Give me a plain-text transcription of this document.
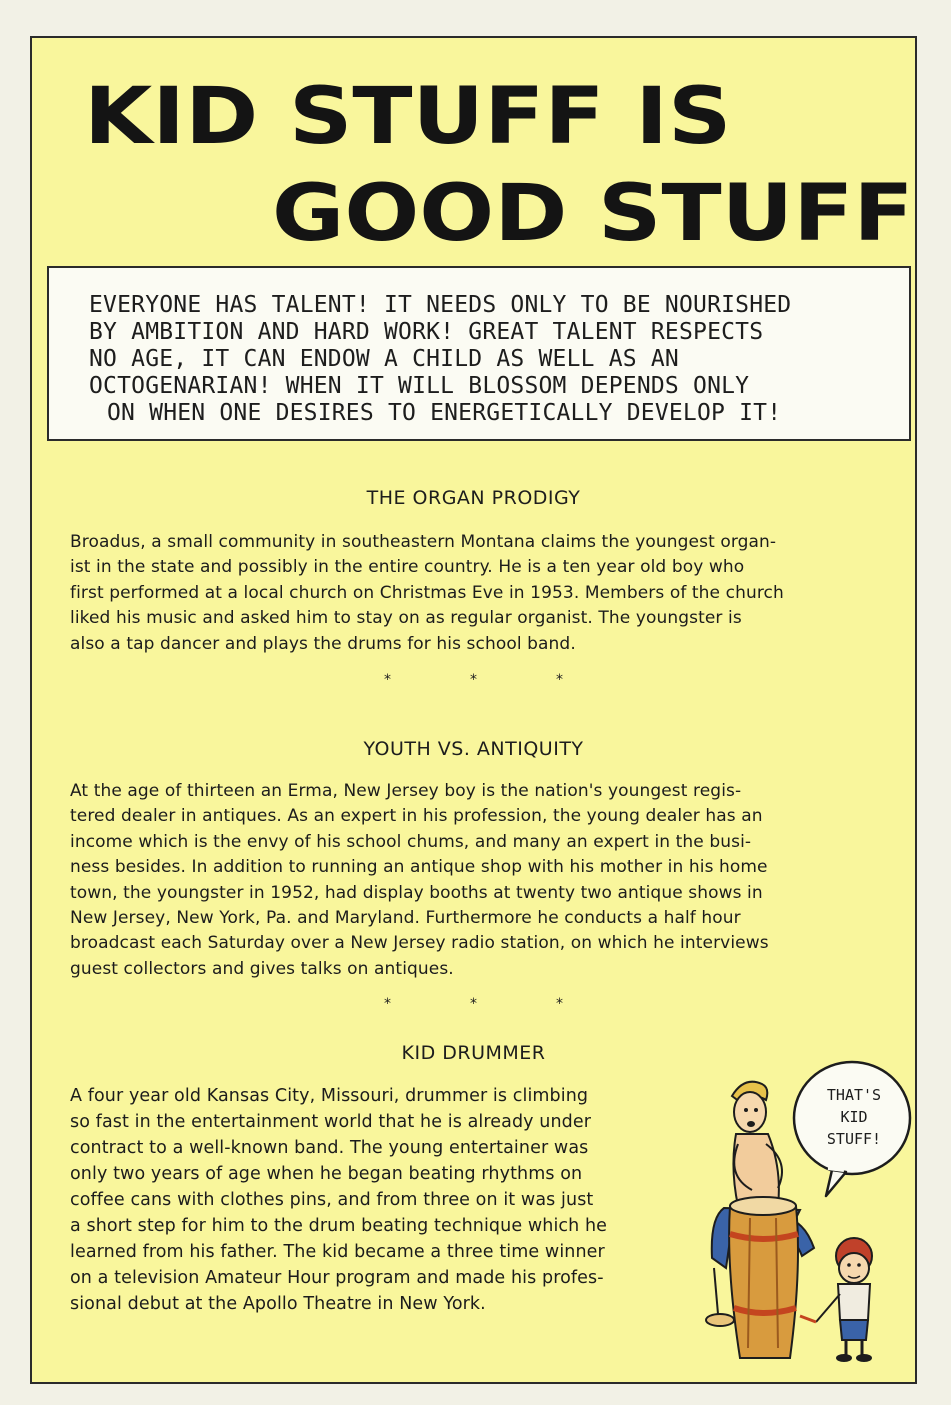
KID STUFF IS
GOOD STUFF
EVERYONE HAS TALENT! IT NEEDS ONLY TO BE NOURISHED
BY AMBITION AND HARD WORK! GREAT TALENT RESPECTS
NO AGE, IT CAN ENDOW A CHILD AS WELL AS AN
OCTOGENARIAN! WHEN IT WILL BLOSSOM DEPENDS ONLY
ON WHEN ONE DESIRES TO ENERGETICALLY DEVELOP IT!
THE ORGAN PRODIGY
Broadus, a small community in southeastern Montana claims the youngest organ-
ist in the state and possibly in the entire country. He is a ten year old boy who
first performed at a local church on Christmas Eve in 1953. Members of the church
liked his music and asked him to stay on as regular organist. The youngster is
also a tap dancer and plays the drums for his school band.
*	*	*
YOUTH VS. ANTIQUITY
At the age of thirteen an Erma, New Jersey boy is the nation's youngest regis-
tered dealer in antiques. As an expert in his profession, the young dealer has an
income which is the envy of his school chums, and many an expert in the busi-
ness besides. In addition to running an antique shop with his mother in his home
town, the youngster in 1952, had display booths at twenty two antique shows in
New Jersey, New York, Pa. and Maryland. Furthermore he conducts a half hour
broadcast each Saturday over a New Jersey radio station, on which he interviews
guest collectors and gives talks on antiques.
*	*	*
KID DRUMMER
A four year old Kansas City, Missouri, drummer is climbing
so fast in the entertainment world that he is already under
contract to a well-known band. The young entertainer was
only two years of age when he began beating rhythms on
coffee cans with clothes pins, and from three on it was just
a short step for him to the drum beating technique which he
learned from his father. The kid became a three time winner
on a television Amateur Hour program and made his profes-
sional debut at the Apollo Theatre in New York.
THAT'S
KID
STUFF!
